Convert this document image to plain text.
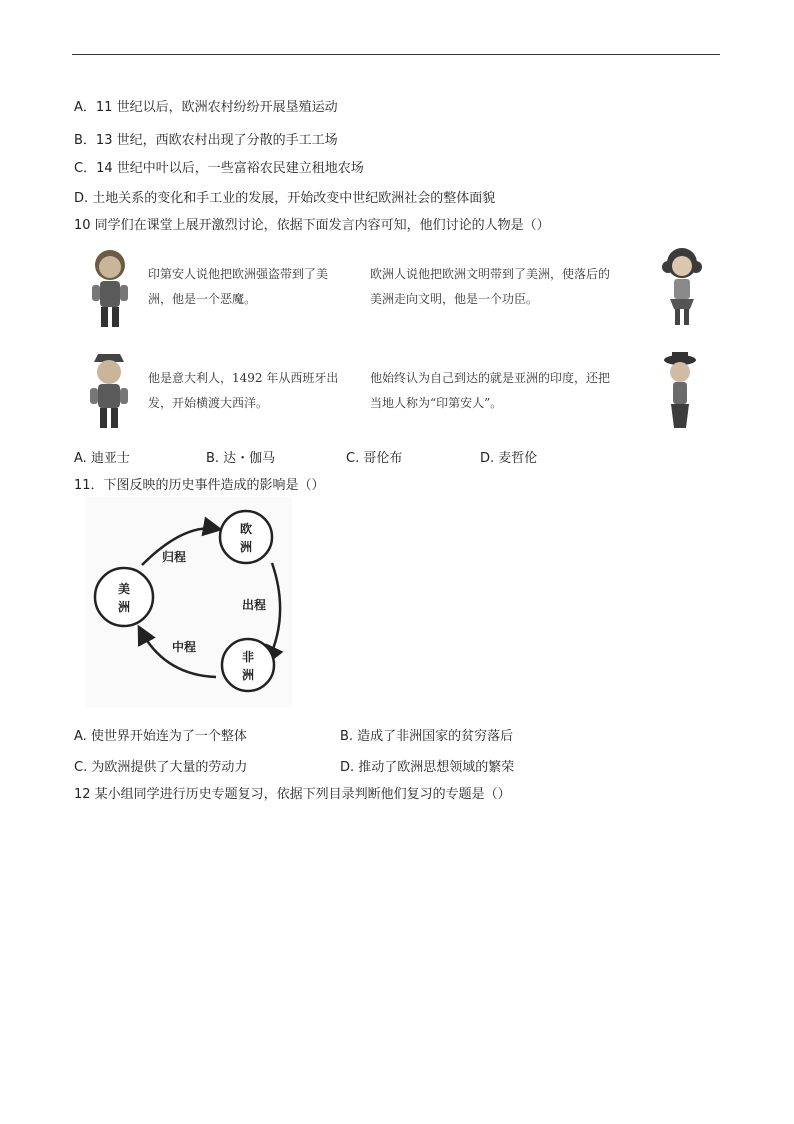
A．11 世纪以后，欧洲农村纷纷开展垦殖运动
B．13 世纪，西欧农村出现了分散的手工工场
C．14 世纪中叶以后，一些富裕农民建立租地农场
D. 土地关系的变化和手工业的发展，开始改变中世纪欧洲社会的整体面貌
10 同学们在课堂上展开激烈讨论，依据下面发言内容可知，他们讨论的人物是（）
印第安人说他把欧洲强盗带到了美
洲，他是一个恶魔。
欧洲人说他把欧洲文明带到了美洲，使落后的
美洲走向文明，他是一个功臣。
他是意大利人，1492 年从西班牙出
发，开始横渡大西洋。
他始终认为自己到达的就是亚洲的印度，还把
当地人称为“印第安人”。
A. 迪亚士	B. 达・伽马	C. 哥伦布	D. 麦哲伦
11．下图反映的历史事件造成的影响是（）
欧
洲
美
洲
非
洲
归程
出程
中程
A. 使世界开始连为了一个整体	B. 造成了非洲国家的贫穷落后
C. 为欧洲提供了大量的劳动力	D. 推动了欧洲思想领域的繁荣
12 某小组同学进行历史专题复习，依据下列目录判断他们复习的专题是（）
